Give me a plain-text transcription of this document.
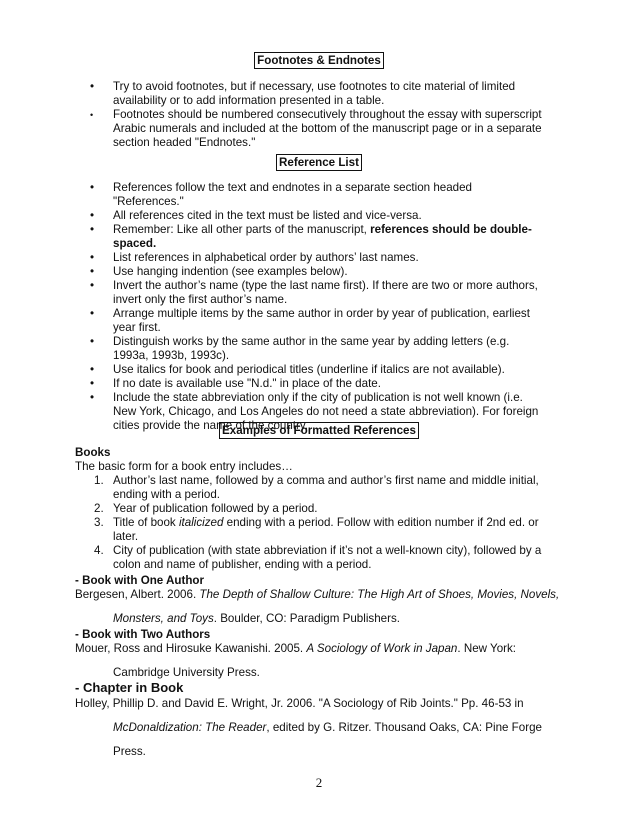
Footnotes & Endnotes
• Try to avoid footnotes, but if necessary, use footnotes to cite material of limited availability or to add information presented in a table.
• Footnotes should be numbered consecutively throughout the essay with superscript Arabic numerals and included at the bottom of the manuscript page or in a separate section headed "Endnotes."
Reference List
• References follow the text and endnotes in a separate section headed "References."
• All references cited in the text must be listed and vice-versa.
• Remember: Like all other parts of the manuscript, references should be double-spaced.
• List references in alphabetical order by authors’ last names.
• Use hanging indention (see examples below).
• Invert the author’s name (type the last name first). If there are two or more authors, invert only the first author’s name.
• Arrange multiple items by the same author in order by year of publication, earliest year first.
• Distinguish works by the same author in the same year by adding letters (e.g. 1993a, 1993b, 1993c).
• Use italics for book and periodical titles (underline if italics are not available).
• If no date is available use "N.d." in place of the date.
• Include the state abbreviation only if the city of publication is not well known (i.e. New York, Chicago, and Los Angeles do not need a state abbreviation). For foreign cities provide the name of the country.
Examples of Formatted References
Books
The basic form for a book entry includes…
1. Author’s last name, followed by a comma and author’s first name and middle initial, ending with a period.
2. Year of publication followed by a period.
3. Title of book italicized ending with a period. Follow with edition number if 2nd ed. or later.
4. City of publication (with state abbreviation if it’s not a well-known city), followed by a colon and name of publisher, ending with a period.
- Book with One Author
Bergesen, Albert. 2006. The Depth of Shallow Culture: The High Art of Shoes, Movies, Novels,
Monsters, and Toys. Boulder, CO: Paradigm Publishers.
- Book with Two Authors
Mouer, Ross and Hirosuke Kawanishi. 2005. A Sociology of Work in Japan. New York:
Cambridge University Press.
- Chapter in Book
Holley, Phillip D. and David E. Wright, Jr. 2006. "A Sociology of Rib Joints." Pp. 46-53 in
McDonaldization: The Reader, edited by G. Ritzer. Thousand Oaks, CA: Pine Forge
Press.
2
